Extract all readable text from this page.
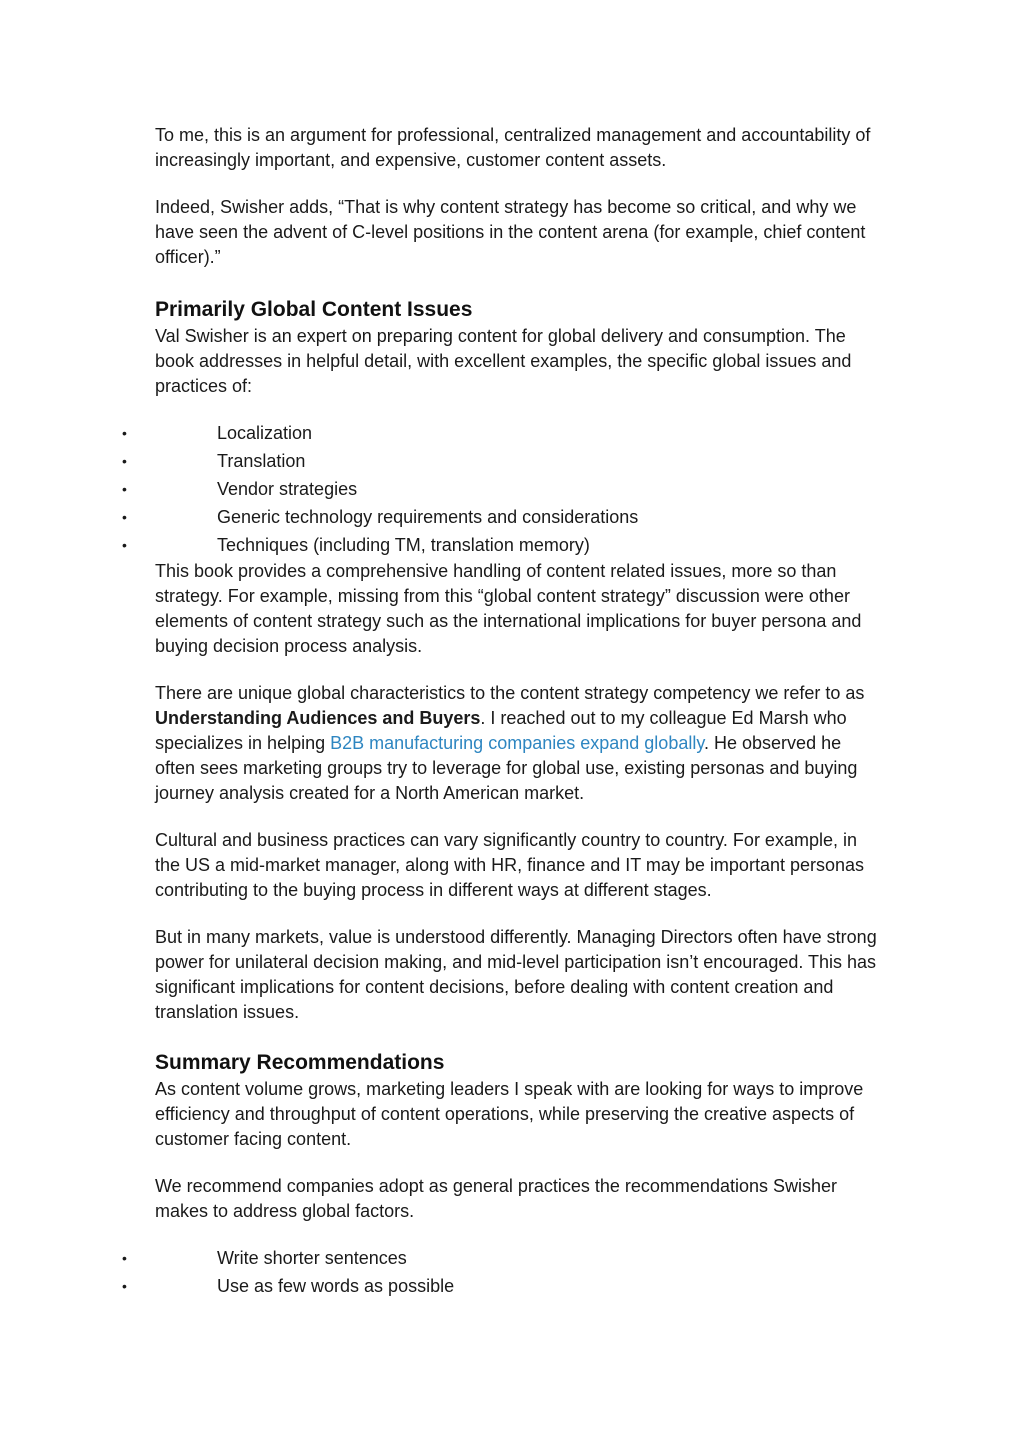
To me, this is an argument for professional, centralized management and accountability of increasingly important, and expensive, customer content assets.

Indeed, Swisher adds, “That is why content strategy has become so critical, and why we have seen the advent of C-level positions in the content arena (for example, chief content officer).”

Primarily Global Content Issues

Val Swisher is an expert on preparing content for global delivery and consumption. The book addresses in helpful detail, with excellent examples, the specific global issues and practices of:

•	Localization
•	Translation
•	Vendor strategies
•	Generic technology requirements and considerations
•	Techniques (including TM, translation memory)

This book provides a comprehensive handling of content related issues, more so than strategy. For example, missing from this “global content strategy” discussion were other elements of content strategy such as the international implications for buyer persona and buying decision process analysis.

There are unique global characteristics to the content strategy competency we refer to as Understanding Audiences and Buyers. I reached out to my colleague Ed Marsh who specializes in helping B2B manufacturing companies expand globally. He observed he often sees marketing groups try to leverage for global use, existing personas and buying journey analysis created for a North American market.

Cultural and business practices can vary significantly country to country. For example, in the US a mid-market manager, along with HR, finance and IT may be important personas contributing to the buying process in different ways at different stages.

But in many markets, value is understood differently. Managing Directors often have strong power for unilateral decision making, and mid-level participation isn’t encouraged. This has significant implications for content decisions, before dealing with content creation and translation issues.

Summary Recommendations

As content volume grows, marketing leaders I speak with are looking for ways to improve efficiency and throughput of content operations, while preserving the creative aspects of customer facing content.

We recommend companies adopt as general practices the recommendations Swisher makes to address global factors.

•	Write shorter sentences
•	Use as few words as possible
